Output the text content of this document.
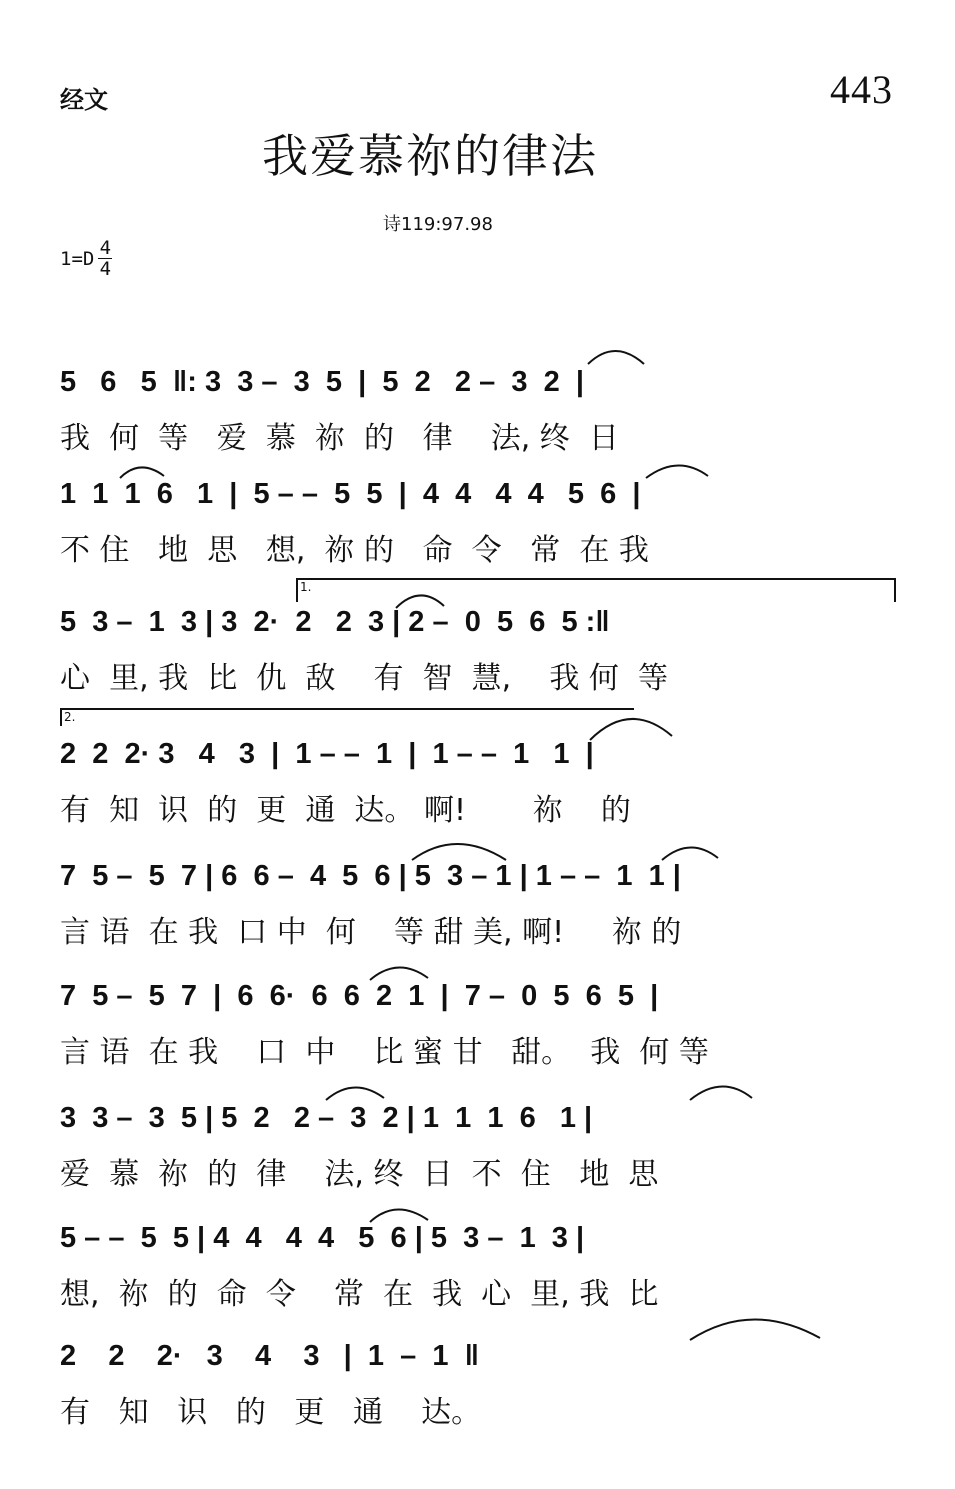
经文	443
我爱慕祢的律法
诗119:97.98
1=D 4
4
5   6   5  ‖: 3  3 –  3  5  |  5  2   2 –  3  2  |
我  何  等   爱  慕  祢  的   律    法, 终  日
1  1  1  6   1  |  5 – –  5  5  |  4  4   4  4   5  6  |
不 住   地  思   想,  祢 的   命  令   常  在 我
1.
5  3 –  1  3 | 3  2·  2   2  3 | 2 –  0  5  6  5 :‖
心  里, 我  比  仇  敌    有  智  慧,    我 何  等
2.
2  2  2· 3   4   3  |  1 – –  1  |  1 – –  1   1  |
有  知  识  的  更  通  达。 啊!       祢    的
7  5 –  5  7 | 6  6 –  4  5  6 | 5  3 – 1 | 1 – –  1  1 |
言 语  在 我  口 中  何    等 甜 美, 啊!     祢 的
7  5 –  5  7  |  6  6·  6  6  2  1  |  7 –  0  5  6  5  |
言 语  在 我    口  中    比 蜜 甘   甜。  我  何 等
3  3 –  3  5 | 5  2   2 –  3  2 | 1  1  1  6   1 |
爱  慕  祢  的  律    法, 终  日  不  住   地  思
5 – –  5  5 | 4  4   4  4   5  6 | 5  3 –  1  3 |
想,  祢  的  命  令    常  在  我  心  里, 我  比
2    2    2·   3    4    3   |  1  –  1  ‖
有   知   识   的   更   通    达。
